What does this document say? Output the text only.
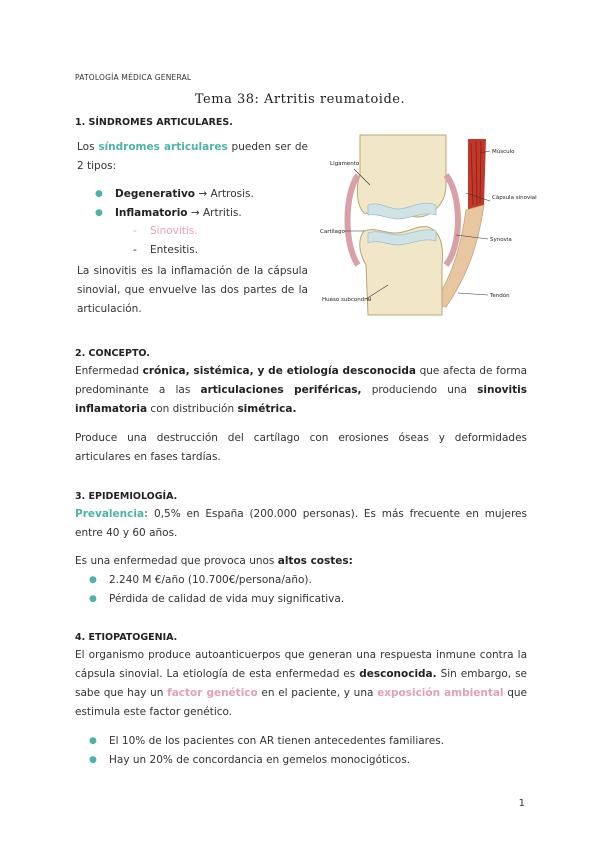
PATOLOGÍA MÉDICA GENERAL
Tema 38: Artritis reumatoide.
1. SÍNDROMES ARTICULARES.
Los síndromes articulares pueden ser de 2 tipos:
● Degenerativo → Artrosis.
● Inflamatorio → Artritis.
- Sinovitis.
- Entesitis.
La sinovitis es la inflamación de la cápsula sinovial, que envuelve las dos partes de la articulación.
Ligamento
Músculo
Cápsula sinovial
Cartílago
Synovia
Hueso subcondral
Tendón
2. CONCEPTO.
Enfermedad crónica, sistémica, y de etiología desconocida que afecta de forma predominante a las articulaciones periféricas, produciendo una sinovitis inflamatoria con distribución simétrica.
Produce una destrucción del cartílago con erosiones óseas y deformidades articulares en fases tardías.
3. EPIDEMIOLOGÍA.
Prevalencia: 0,5% en España (200.000 personas). Es más frecuente en mujeres entre 40 y 60 años.
Es una enfermedad que provoca unos altos costes:
● 2.240 M €/año (10.700€/persona/año).
● Pérdida de calidad de vida muy significativa.
4. ETIOPATOGENIA.
El organismo produce autoanticuerpos que generan una respuesta inmune contra la cápsula sinovial. La etiología de esta enfermedad es desconocida. Sin embargo, se sabe que hay un factor genético en el paciente, y una exposición ambiental que estimula este factor genético.
● El 10% de los pacientes con AR tienen antecedentes familiares.
● Hay un 20% de concordancia en gemelos monocigóticos.
1
